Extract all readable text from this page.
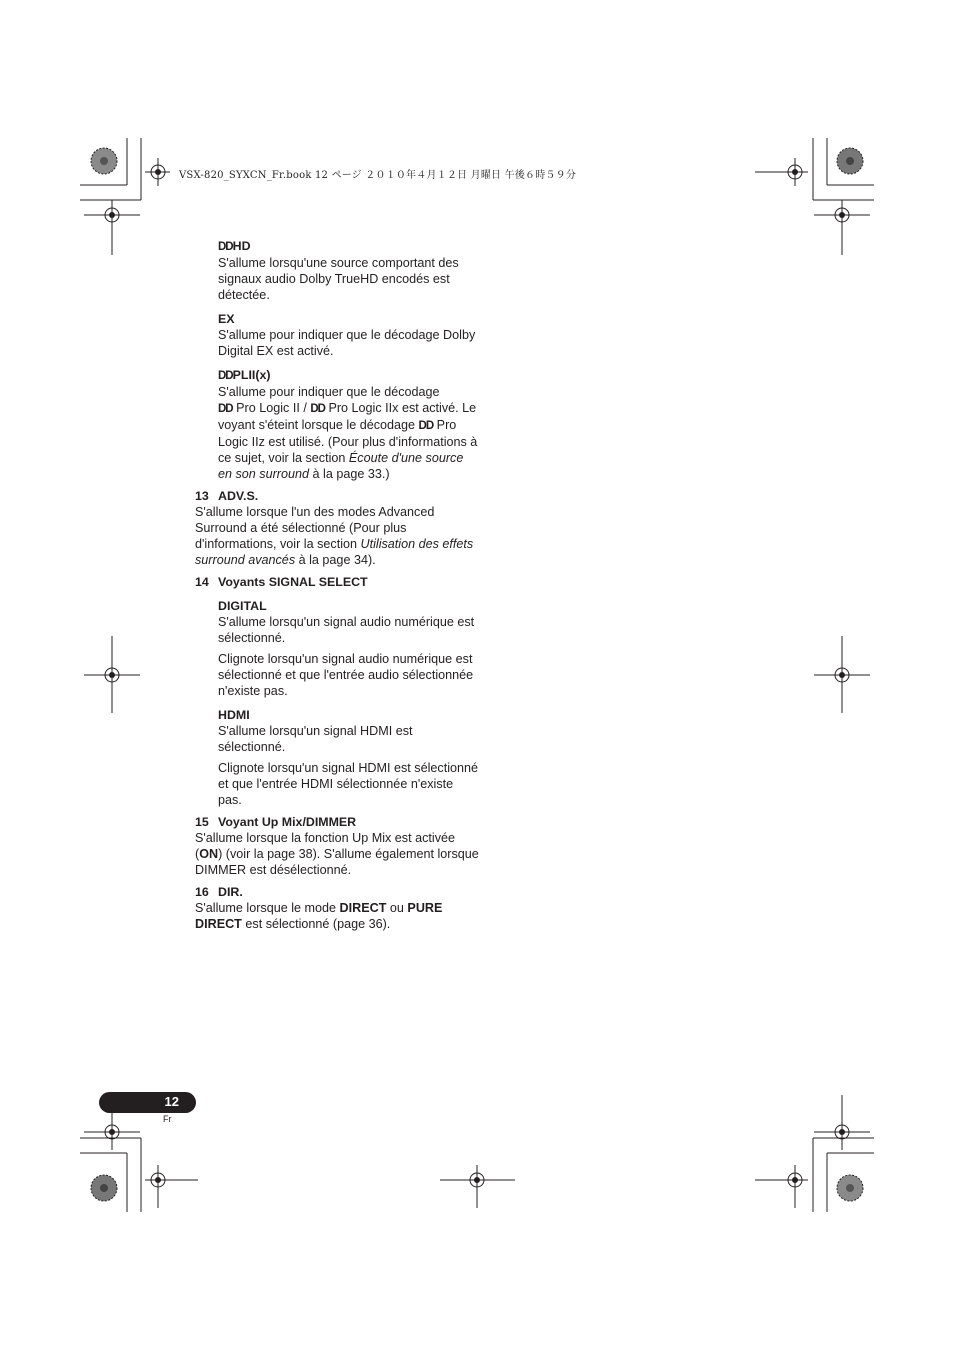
VSX-820_SYXCN_Fr.book 12 ページ ２０１０年４月１２日 月曜日 午後６時５９分
DDHD

S'allume lorsqu'une source comportant des signaux audio Dolby TrueHD encodés est détectée.

EX

S'allume pour indiquer que le décodage Dolby Digital EX est activé.

DDPLII(x)

S'allume pour indiquer que le décodage
DD Pro Logic II / DD Pro Logic IIx est activé. Le voyant s'éteint lorsque le décodage DD Pro Logic IIz est utilisé. (Pour plus d'informations à ce sujet, voir la section Écoute d'une source en son surround à la page 33.)

13 ADV.S.

S'allume lorsque l'un des modes Advanced Surround a été sélectionné (Pour plus d'informations, voir la section Utilisation des effets surround avancés à la page 34).

14 Voyants SIGNAL SELECT
DIGITAL

S'allume lorsqu'un signal audio numérique est sélectionné.

Clignote lorsqu'un signal audio numérique est sélectionné et que l'entrée audio sélectionnée n'existe pas.

HDMI

S'allume lorsqu'un signal HDMI est sélectionné.

Clignote lorsqu'un signal HDMI est sélectionné et que l'entrée HDMI sélectionnée n'existe pas.

15 Voyant Up Mix/DIMMER

S'allume lorsque la fonction Up Mix est activée (ON) (voir la page 38). S'allume également lorsque DIMMER est désélectionné.

16 DIR.

S'allume lorsque le mode DIRECT ou PURE DIRECT est sélectionné (page 36).

12
Fr
